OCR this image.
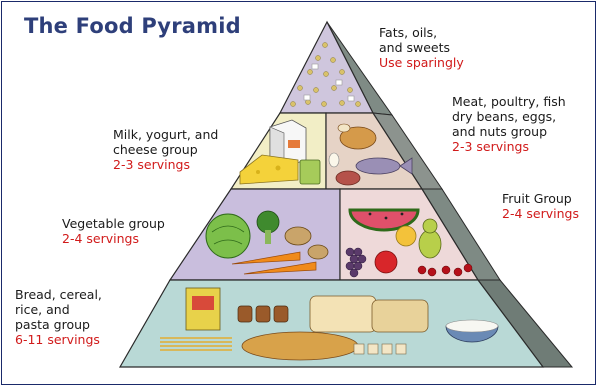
The Food Pyramid	Fats, oils,
and sweets
Use sparingly
Meat, poultry, fish
dry beans, eggs,
and nuts group
2-3 servings
Milk, yogurt, and
cheese group
2-3 servings
Fruit Group
2-4 servings
Vegetable group
2-4 servings
Bread, cereal,
rice, and
pasta group
6-11 servings
